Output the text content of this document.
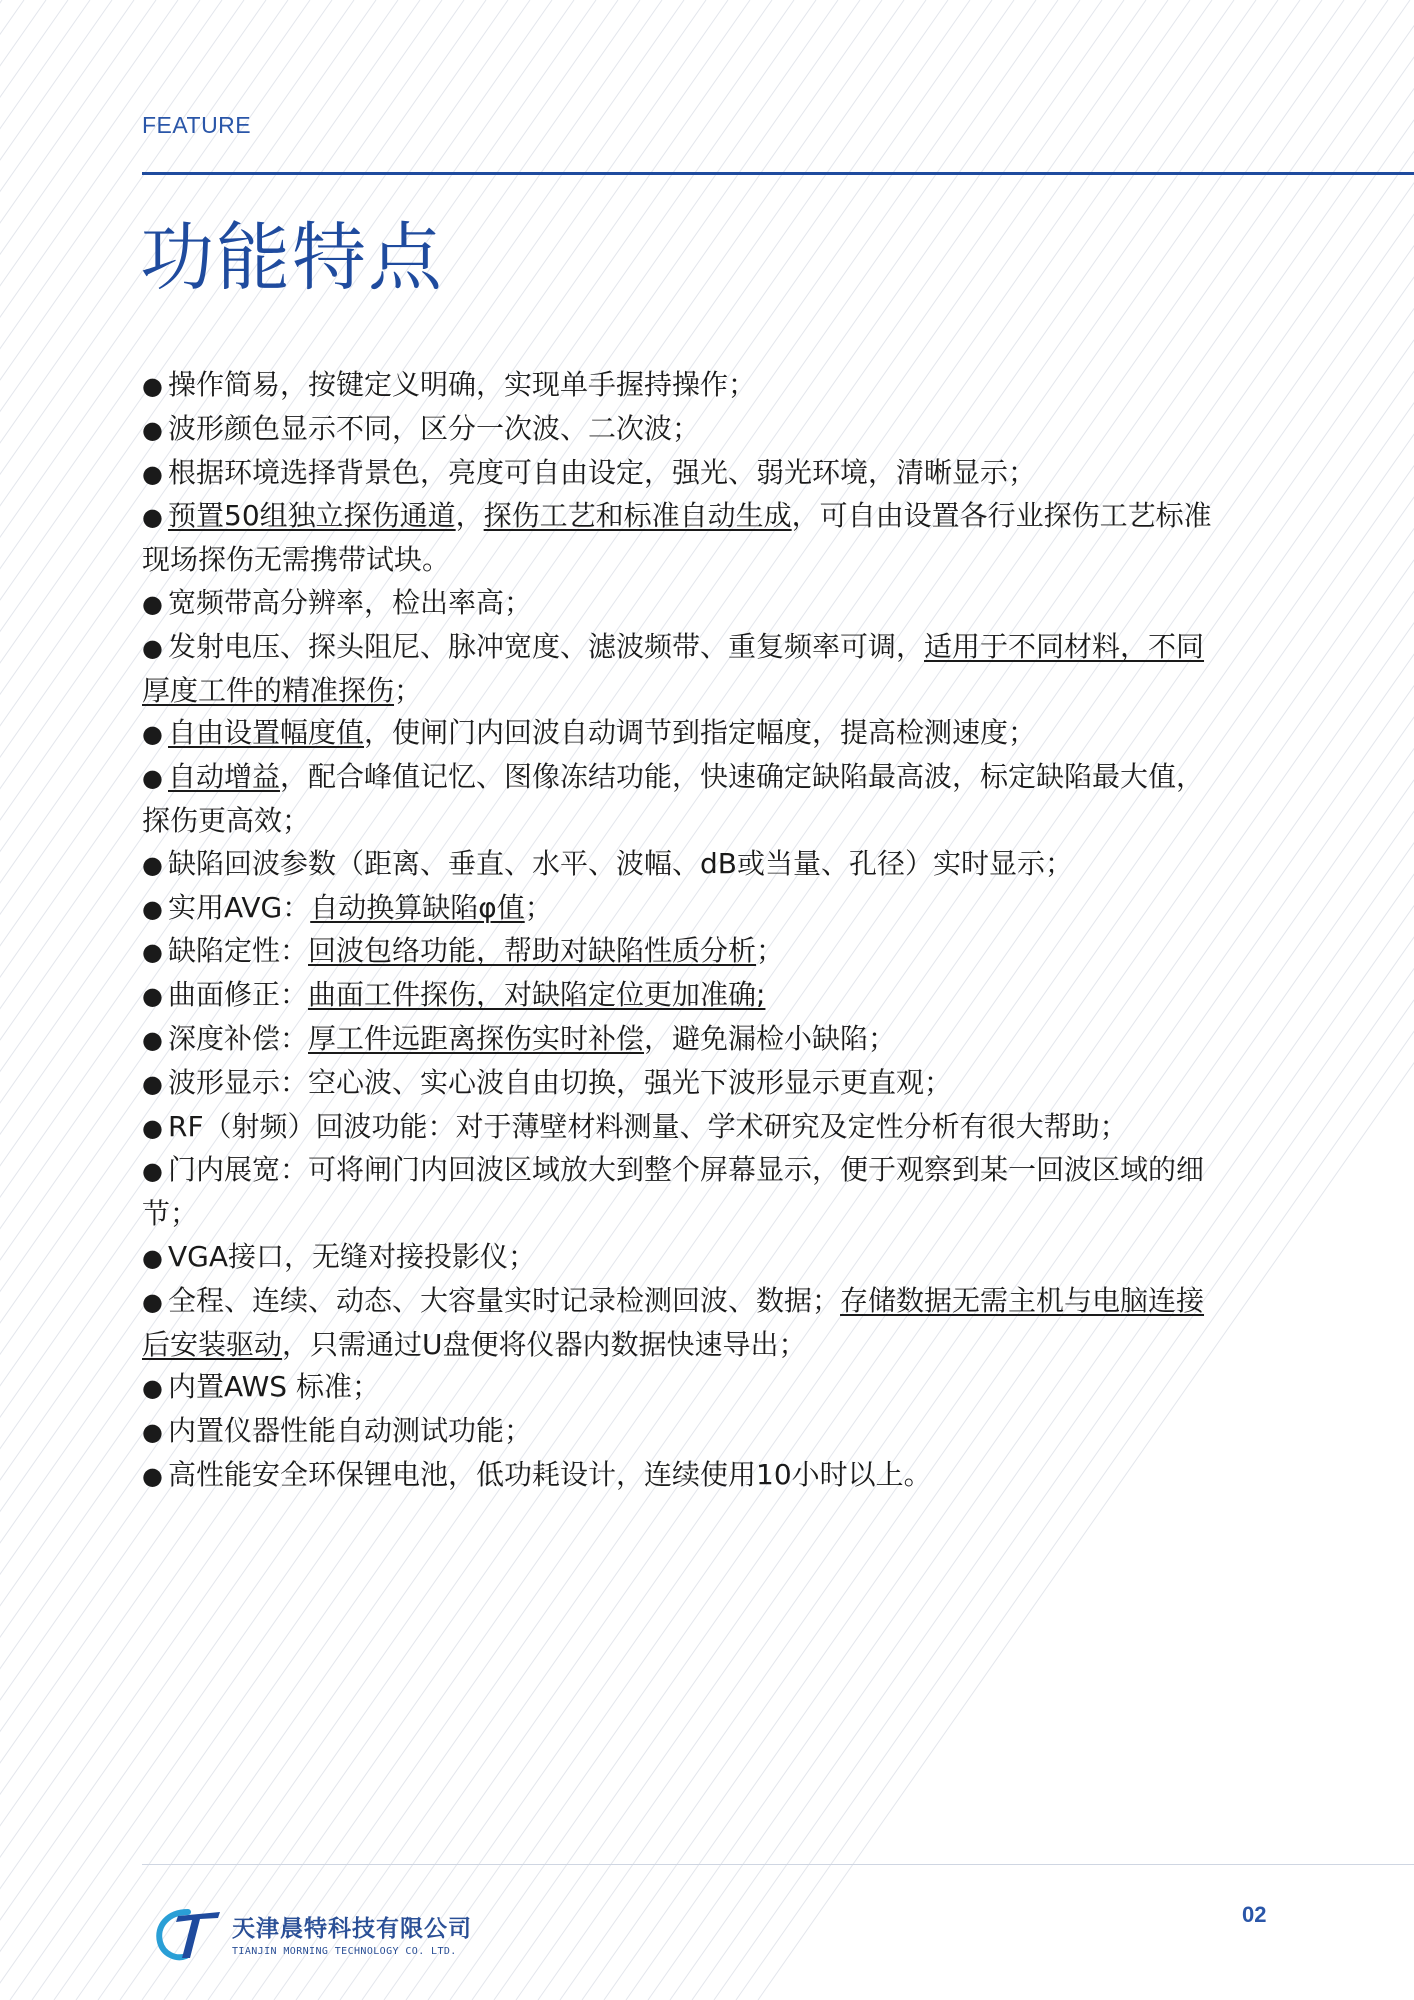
FEATURE
功能特点
● 操作简易，按键定义明确，实现单手握持操作；
● 波形颜色显示不同，区分一次波、二次波；
● 根据环境选择背景色，亮度可自由设定，强光、弱光环境，清晰显示；
● 预置50组独立探伤通道，探伤工艺和标准自动生成，可自由设置各行业探伤工艺标准现场探伤无需携带试块。
● 宽频带高分辨率，检出率高；
● 发射电压、探头阻尼、脉冲宽度、滤波频带、重复频率可调，适用于不同材料，不同厚度工件的精准探伤；
● 自由设置幅度值，使闸门内回波自动调节到指定幅度，提高检测速度；
● 自动增益，配合峰值记忆、图像冻结功能，快速确定缺陷最高波，标定缺陷最大值，探伤更高效；
● 缺陷回波参数（距离、垂直、水平、波幅、dB或当量、孔径）实时显示；
● 实用AVG：自动换算缺陷φ值；
● 缺陷定性：回波包络功能，帮助对缺陷性质分析；
● 曲面修正：曲面工件探伤，对缺陷定位更加准确;
● 深度补偿：厚工件远距离探伤实时补偿，避免漏检小缺陷；
● 波形显示：空心波、实心波自由切换，强光下波形显示更直观；
● RF（射频）回波功能：对于薄壁材料测量、学术研究及定性分析有很大帮助；
● 门内展宽：可将闸门内回波区域放大到整个屏幕显示，便于观察到某一回波区域的细节；
● VGA接口，无缝对接投影仪；
● 全程、连续、动态、大容量实时记录检测回波、数据；存储数据无需主机与电脑连接后安装驱动，只需通过U盘便将仪器内数据快速导出；
● 内置AWS 标准；
● 内置仪器性能自动测试功能；
● 高性能安全环保锂电池，低功耗设计，连续使用10小时以上。
天津晨特科技有限公司
TIANJIN MORNING TECHNOLOGY CO. LTD.
02
